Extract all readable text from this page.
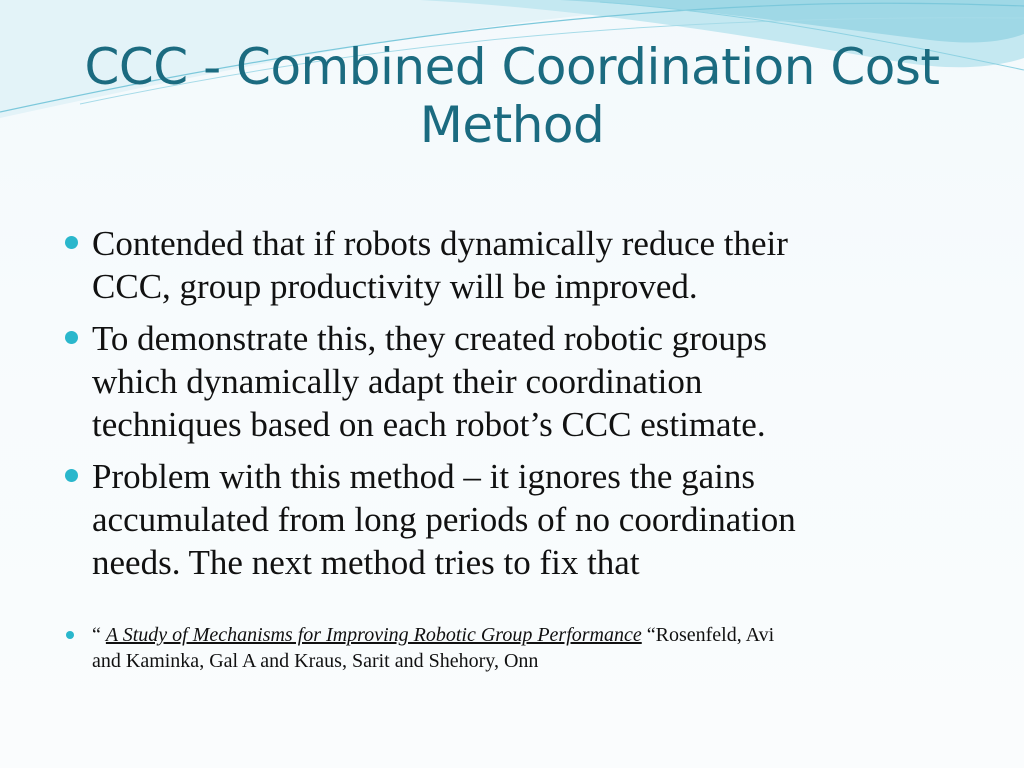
CCC - Combined Coordination Cost
Method
Contended that if robots dynamically reduce their
CCC, group productivity will be improved.
To demonstrate this, they created robotic groups
which dynamically adapt their coordination
techniques based on each robot’s CCC estimate.
Problem with this method – it ignores the gains
accumulated from long periods of no coordination
needs. The next method tries to fix that
“ A Study of Mechanisms for Improving Robotic Group Performance “Rosenfeld, Avi
and Kaminka, Gal A and Kraus, Sarit and Shehory, Onn
